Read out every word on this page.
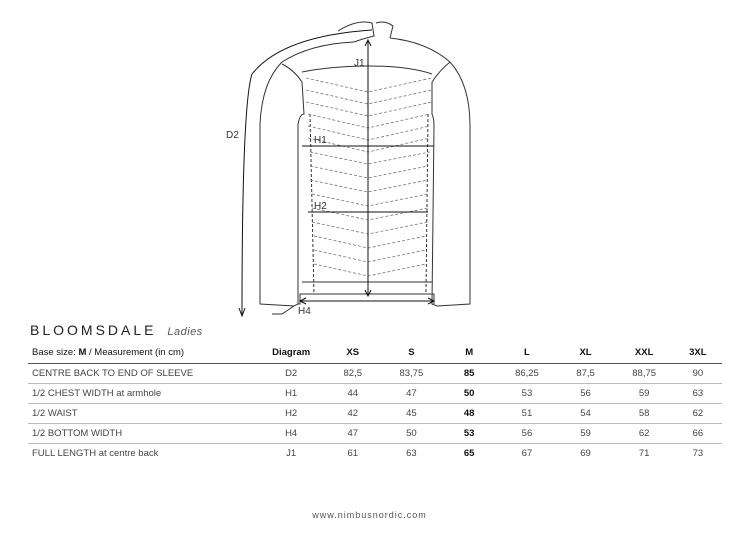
D2
J1
H1
H2
H4
BLOOMSDALE Ladies
Base size: M / Measurement (in cm)	Diagram	XS	S	M	L	XL	XXL	3XL
CENTRE BACK TO END OF SLEEVE	D2	82,5	83,75	85	86,25	87,5	88,75	90
1/2 CHEST WIDTH at armhole	H1	44	47	50	53	56	59	63
1/2 WAIST	H2	42	45	48	51	54	58	62
1/2 BOTTOM WIDTH	H4	47	50	53	56	59	62	66
FULL LENGTH at centre back	J1	61	63	65	67	69	71	73
www.nimbusnordic.com
